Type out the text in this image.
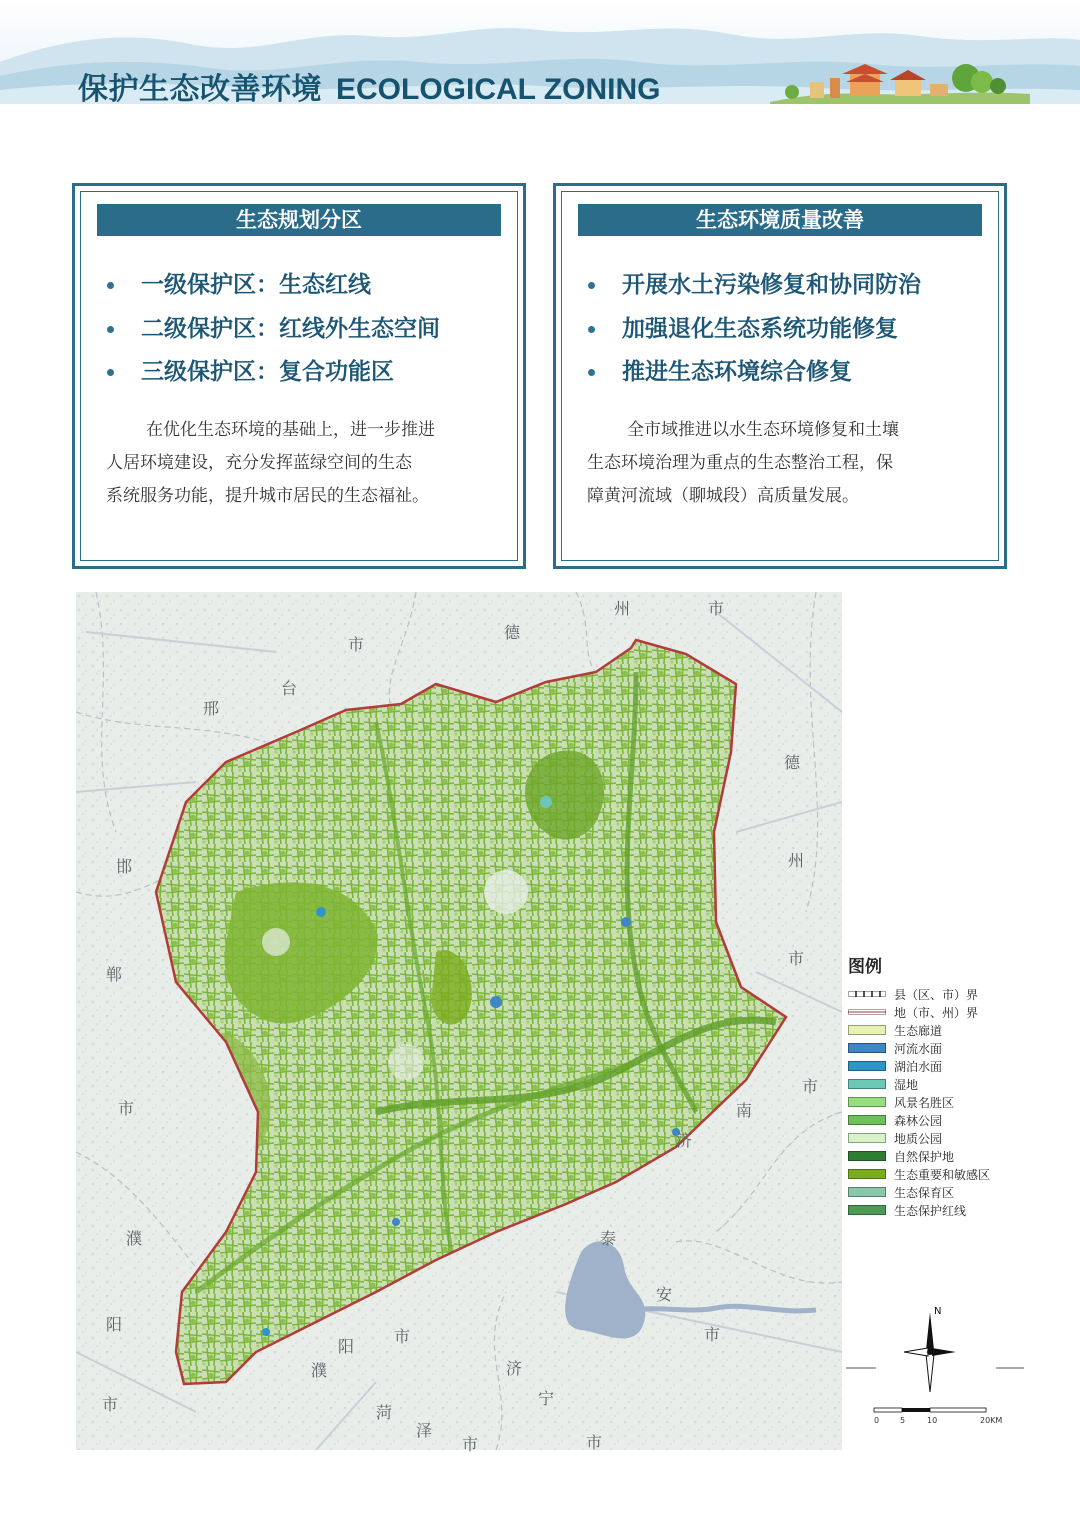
保护生态改善环境 ECOLOGICAL ZONING
生态规划分区
一级保护区：生态红线
二级保护区：红线外生态空间
三级保护区：复合功能区
在优化生态环境的基础上，进一步推进
人居环境建设，充分发挥蓝绿空间的生态
系统服务功能，提升城市居民的生态福祉。
生态环境质量改善
开展水土污染修复和协同防治
加强退化生态系统功能修复
推进生态环境综合修复
全市域推进以水生态环境修复和土壤
生态环境治理为重点的生态整治工程，保
障黄河流域（聊城段）高质量发展。
州	市
德
市
台
邢
德
邯	州
郸
市
市	南
市
济
泰
濮
安
市
阳
市
阳
济
濮
宁
市	菏
泽
市	市
图例
县（区、市）界
地（市、州）界
生态廊道
河流水面
湖泊水面
湿地
风景名胜区
森林公园
地质公园
自然保护地
生态重要和敏感区
生态保育区
生态保护红线
N
0	5	10	20KM
